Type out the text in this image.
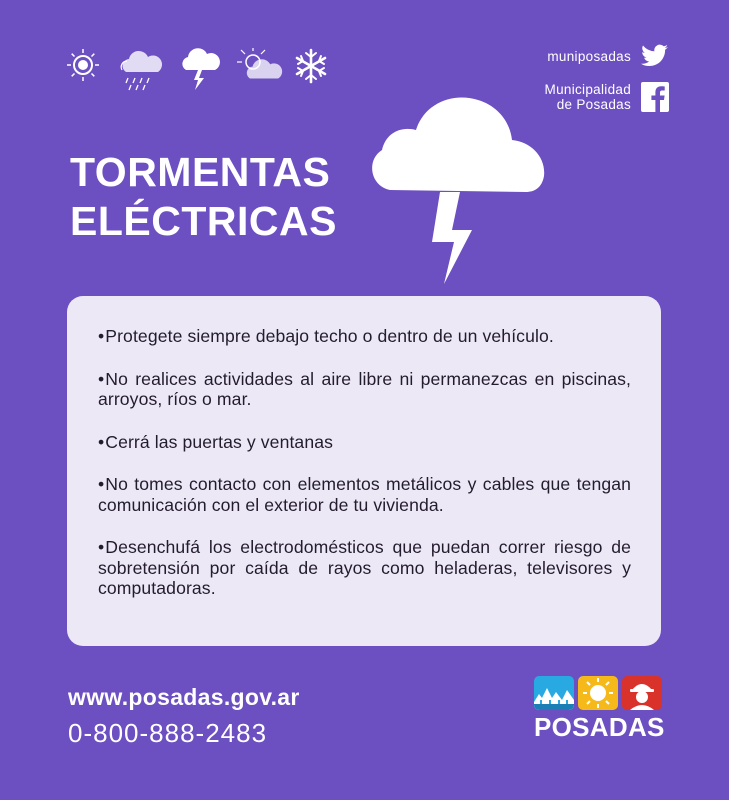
muniposadas
Municipalidad
de Posadas
TORMENTAS
ELÉCTRICAS
• Protegete siempre debajo techo o dentro de un vehículo.
• No realices actividades al aire libre ni permanezcas en piscinas, arroyos, ríos o mar.
• Cerrá las puertas y ventanas
• No tomes contacto con elementos metálicos y cables que tengan comunicación con el exterior de tu vivienda.
• Desenchufá los electrodomésticos que puedan correr riesgo de sobretensión por caída de rayos como heladeras, televisores y computadoras.
www.posadas.gov.ar
0-800-888-2483	POSADAS
